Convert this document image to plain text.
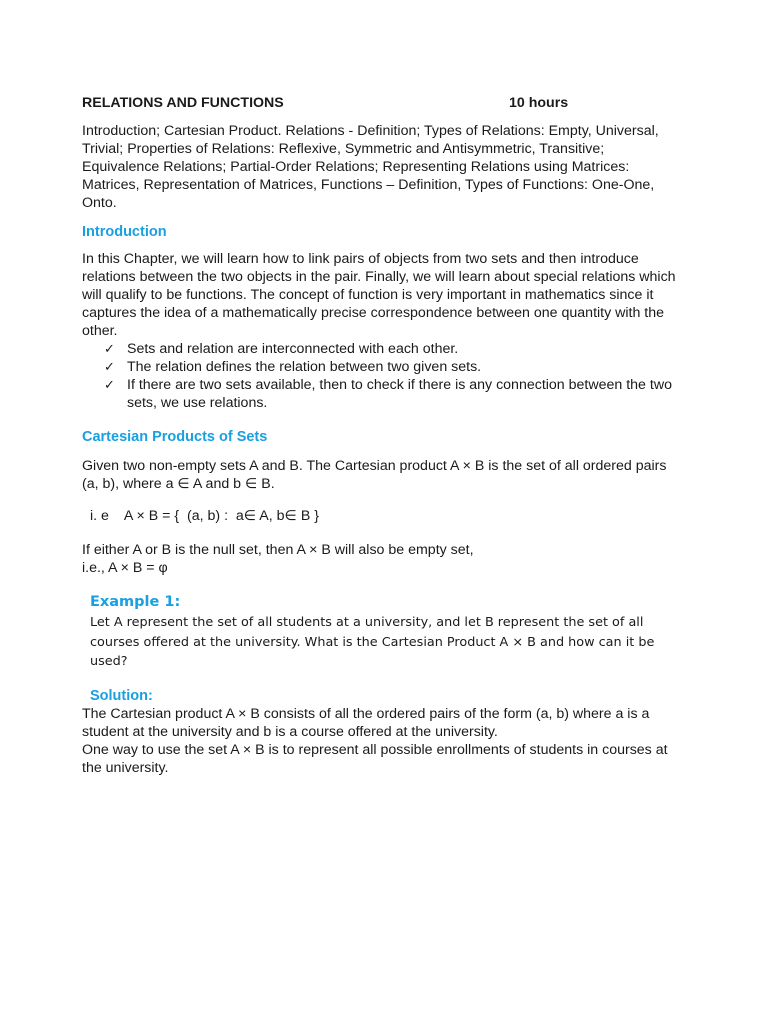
RELATIONS AND FUNCTIONS	10 hours

Introduction; Cartesian Product. Relations - Definition; Types of Relations: Empty, Universal, Trivial; Properties of Relations: Reflexive, Symmetric and Antisymmetric, Transitive; Equivalence Relations; Partial-Order Relations; Representing Relations using Matrices: Matrices, Representation of Matrices, Functions – Definition, Types of Functions: One-One, Onto.

Introduction

In this Chapter, we will learn how to link pairs of objects from two sets and then introduce relations between the two objects in the pair. Finally, we will learn about special relations which will qualify to be functions. The concept of function is very important in mathematics since it captures the idea of a mathematically precise correspondence between one quantity with the other.

✓ Sets and relation are interconnected with each other.
✓ The relation defines the relation between two given sets.
✓ If there are two sets available, then to check if there is any connection between the two sets, we use relations.
Cartesian Products of Sets

Given two non-empty sets A and B. The Cartesian product A × B is the set of all ordered pairs (a, b), where a ∈ A and b ∈ B.

i. e    A × B = {  (a, b) :  a∈ A, b∈ B }
If either A or B is the null set, then A × B will also be empty set,
i.e., A × B = φ
Example 1:

Let A represent the set of all students at a university, and let B represent the set of all courses offered at the university. What is the Cartesian Product A × B and how can it be used?

Solution:

The Cartesian product A × B consists of all the ordered pairs of the form (a, b) where a is a student at the university and b is a course offered at the university.

One way to use the set A × B is to represent all possible enrollments of students in courses at the university.
